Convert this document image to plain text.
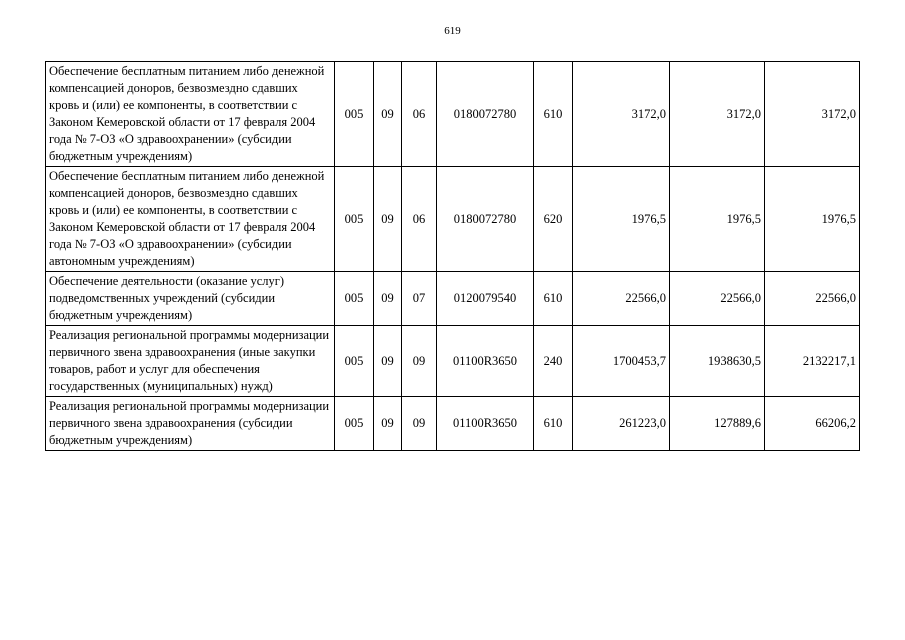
619
Обеспечение бесплатным питанием либо денежной компенсацией доноров, безвозмездно сдавших кровь и (или) ее компоненты, в соответствии с Законом Кемеровской области от 17 февраля 2004 года № 7-ОЗ «О здравоохранении» (субсидии бюджетным учреждениям)	005	09	06	0180072780	610	3172,0	3172,0	3172,0
Обеспечение бесплатным питанием либо денежной компенсацией доноров, безвозмездно сдавших кровь и (или) ее компоненты, в соответствии с Законом Кемеровской области от 17 февраля 2004 года № 7-ОЗ «О здравоохранении» (субсидии автономным учреждениям)	005	09	06	0180072780	620	1976,5	1976,5	1976,5
Обеспечение деятельности (оказание услуг) подведомственных учреждений (субсидии бюджетным учреждениям)	005	09	07	0120079540	610	22566,0	22566,0	22566,0
Реализация региональной программы модернизации первичного звена здравоохранения (иные закупки товаров, работ и услуг для обеспечения государственных (муниципальных) нужд)	005	09	09	01100R3650	240	1700453,7	1938630,5	2132217,1
Реализация региональной программы модернизации первичного звена здравоохранения (субсидии бюджетным учреждениям)	005	09	09	01100R3650	610	261223,0	127889,6	66206,2
